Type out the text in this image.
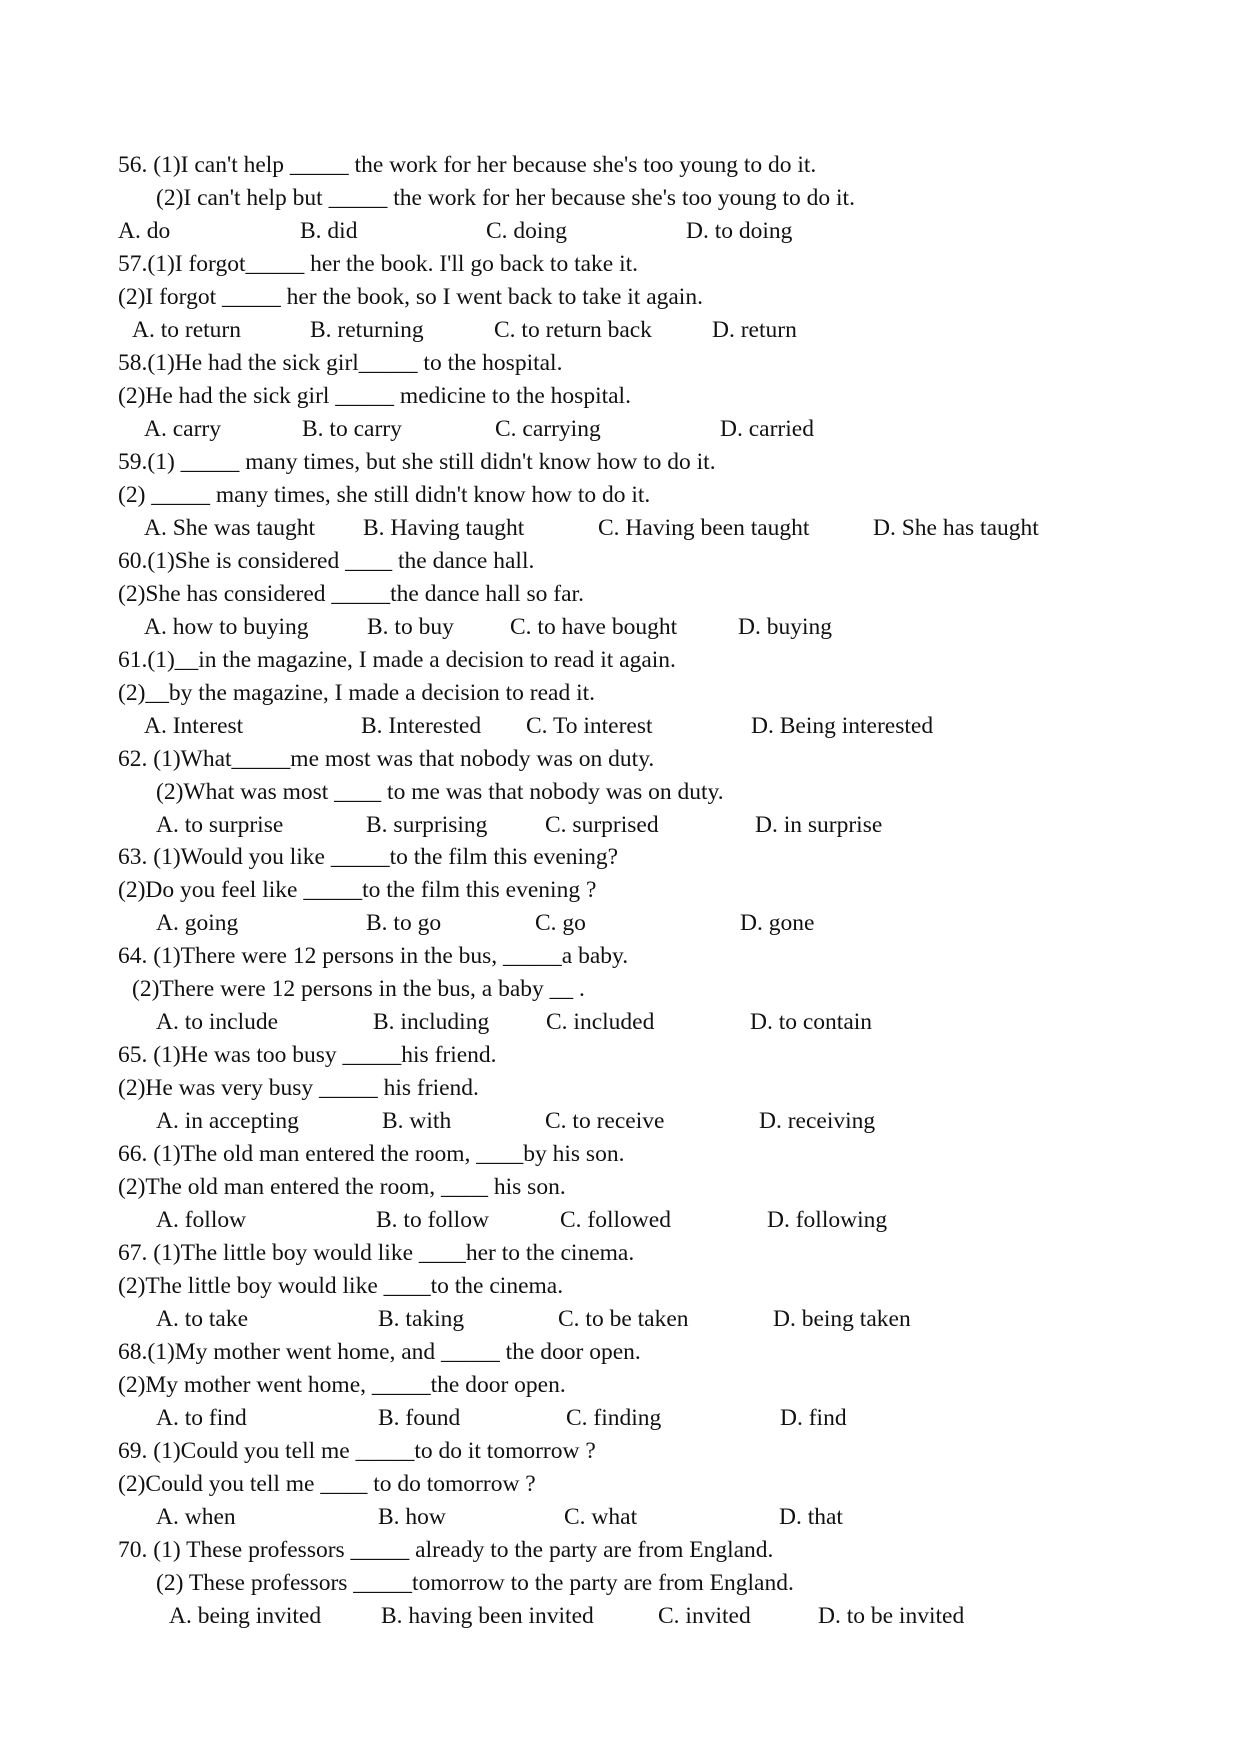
56. (1)I can't help _____ the work for her because she's too young to do it.
(2)I can't help but _____ the work for her because she's too young to do it.
A. do	B. did	C. doing	D. to doing
57.(1)I forgot_____ her the book. I'll go back to take it.
(2)I forgot _____ her the book, so I went back to take it again.
A. to return	B. returning	C. to return back	D. return
58.(1)He had the sick girl_____ to the hospital.
(2)He had the sick girl _____ medicine to the hospital.
A. carry	B. to carry	C. carrying	D. carried
59.(1) _____ many times, but she still didn't know how to do it.
(2) _____ many times, she still didn't know how to do it.
A. She was taught B. Having taught	C. Having been taught	D. She has taught
60.(1)She is considered ____ the dance hall.
(2)She has considered _____the dance hall so far.
A. how to buying B. to buy C. to have bought	D. buying
61.(1)__in the magazine, I made a decision to read it again.
(2)__by the magazine, I made a decision to read it.
A. Interest	B. Interested C. To interest	D. Being interested
62. (1)What_____me most was that nobody was on duty.
(2)What was most ____ to me was that nobody was on duty.
A. to surprise	B. surprising C. surprised	D. in surprise
63. (1)Would you like _____to the film this evening?
(2)Do you feel like _____to the film this evening ?
A. going	B. to go	C. go	D. gone
64. (1)There were 12 persons in the bus, _____a baby.
(2)There were 12 persons in the bus, a baby __ .
A. to include	B. including C. included	D. to contain
65. (1)He was too busy _____his friend.
(2)He was very busy _____ his friend.
A. in accepting	B. with	C. to receive	D. receiving
66. (1)The old man entered the room, ____by his son.
(2)The old man entered the room, ____ his son.
A. follow	B. to follow	C. followed	D. following
67. (1)The little boy would like ____her to the cinema.
(2)The little boy would like ____to the cinema.
A. to take	B. taking	C. to be taken	D. being taken
68.(1)My mother went home, and _____ the door open.
(2)My mother went home, _____the door open.
A. to find	B. found	C. finding	D. find
69. (1)Could you tell me _____to do it tomorrow ?
(2)Could you tell me ____ to do tomorrow ?
A. when	B. how	C. what	D. that
70. (1) These professors _____ already to the party are from England.
(2) These professors _____tomorrow to the party are from England.
A. being invited	B. having been invited	C. invited	D. to be invited
